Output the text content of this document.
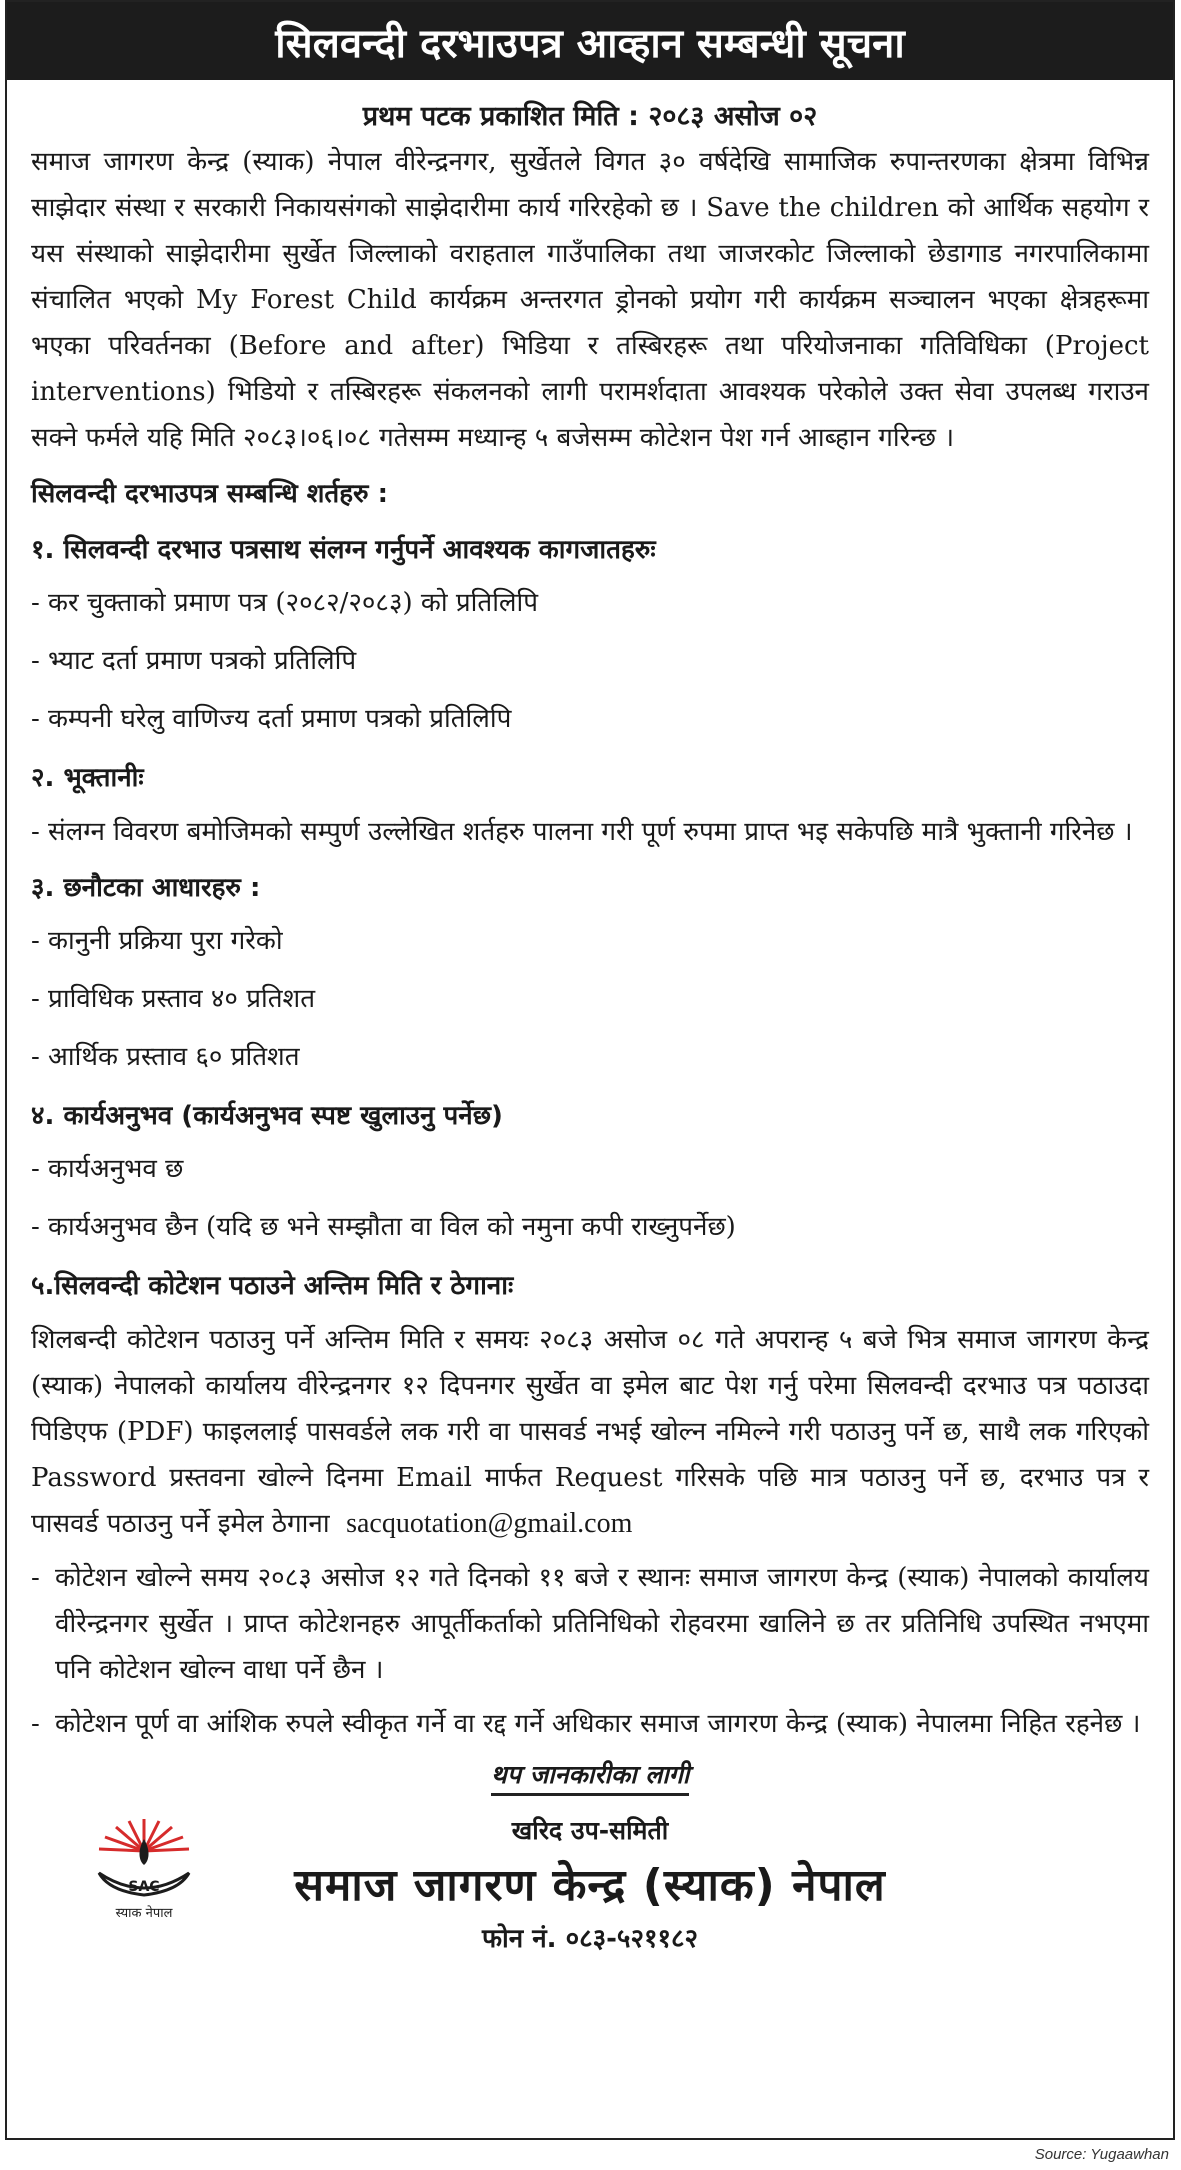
सिलवन्दी दरभाउपत्र आव्हान सम्बन्धी सूचना
प्रथम पटक प्रकाशित मिति : २०८३ असोज ०२

समाज जागरण केन्द्र (स्याक) नेपाल वीरेन्द्रनगर, सुर्खेतले विगत ३० वर्षदेखि सामाजिक रुपान्तरणका क्षेत्रमा विभिन्न साझेदार संस्था र सरकारी निकायसंगको साझेदारीमा कार्य गरिरहेको छ । Save the children को आर्थिक सहयोग र यस संस्थाको साझेदारीमा सुर्खेत जिल्लाको वराहताल गाउँपालिका तथा जाजरकोट जिल्लाको छेडागाड नगरपालिकामा संचालित भएको My Forest Child कार्यक्रम अन्तरगत ड्रोनको प्रयोग गरी कार्यक्रम सञ्चालन भएका क्षेत्रहरूमा भएका परिवर्तनका (Before and after) भिडिया र तस्बिरहरू तथा परियोजनाका गतिविधिका (Project interventions) भिडियो र तस्बिरहरू संकलनको लागी परामर्शदाता आवश्यक परेकोले उक्त सेवा उपलब्ध गराउन सक्ने फर्मले यहि मिति २०८३।०६।०८ गतेसम्म मध्यान्ह ५ बजेसम्म कोटेशन पेश गर्न आब्हान गरिन्छ ।

सिलवन्दी दरभाउपत्र सम्बन्धि शर्तहरु :
१. सिलवन्दी दरभाउ पत्रसाथ संलग्न गर्नुपर्ने आवश्यक कागजातहरुः
- कर चुक्ताको प्रमाण पत्र (२०८२/२०८३) को प्रतिलिपि
- भ्याट दर्ता प्रमाण पत्रको प्रतिलिपि
- कम्पनी घरेलु वाणिज्य दर्ता प्रमाण पत्रको प्रतिलिपि
२. भूक्तानीः

- संलग्न विवरण बमोजिमको सम्पुर्ण उल्लेखित शर्तहरु पालना गरी पूर्ण रुपमा प्राप्त भइ सकेपछि मात्रै भुक्तानी गरिनेछ ।

३. छनौटका आधारहरु :
- कानुनी प्रक्रिया पुरा गरेको
- प्राविधिक प्रस्ताव ४० प्रतिशत
- आर्थिक प्रस्ताव ६० प्रतिशत
४. कार्यअनुभव (कार्यअनुभव स्पष्ट खुलाउनु पर्नेछ)
- कार्यअनुभव छ
- कार्यअनुभव छैन (यदि छ भने सम्झौता वा विल को नमुना कपी राख्नुपर्नेछ)
५.सिलवन्दी कोटेशन पठाउने अन्तिम मिति र ठेगानाः

शिलबन्दी कोटेशन पठाउनु पर्ने अन्तिम मिति र समयः २०८३ असोज ०८ गते अपरान्ह ५ बजे भित्र समाज जागरण केन्द्र (स्याक) नेपालको कार्यालय वीरेन्द्रनगर १२ दिपनगर सुर्खेत वा इमेल बाट पेश गर्नु परेमा सिलवन्दी दरभाउ पत्र पठाउदा पिडिएफ (PDF) फाइललाई पासवर्डले लक गरी वा पासवर्ड नभई खोल्न नमिल्ने गरी पठाउनु पर्ने छ, साथै लक गरिएको Password प्रस्तवना खोल्ने दिनमा Email मार्फत Request गरिसके पछि मात्र पठाउनु पर्ने छ, दरभाउ पत्र र पासवर्ड पठाउनु पर्ने इमेल ठेगाना sacquotation@gmail.com

- कोटेशन खोल्ने समय २०८३ असोज १२ गते दिनको ११ बजे र स्थानः समाज जागरण केन्द्र (स्याक) नेपालको कार्यालय वीरेन्द्रनगर सुर्खेत । प्राप्त कोटेशनहरु आपूर्तीकर्ताको प्रतिनिधिको रोहवरमा खालिने छ तर प्रतिनिधि उपस्थित नभएमा पनि कोटेशन खोल्न वाधा पर्ने छैन ।
- कोटेशन पूर्ण वा आंशिक रुपले स्वीकृत गर्ने वा रद्द गर्ने अधिकार समाज जागरण केन्द्र (स्याक) नेपालमा निहित रहनेछ ।
थप जानकारीका लागी
SAC
स्याक नेपाल
खरिद उप-समिती
समाज जागरण केन्द्र (स्याक) नेपाल
फोन नं. ०८३-५२११८२
Source: Yugaawhan
